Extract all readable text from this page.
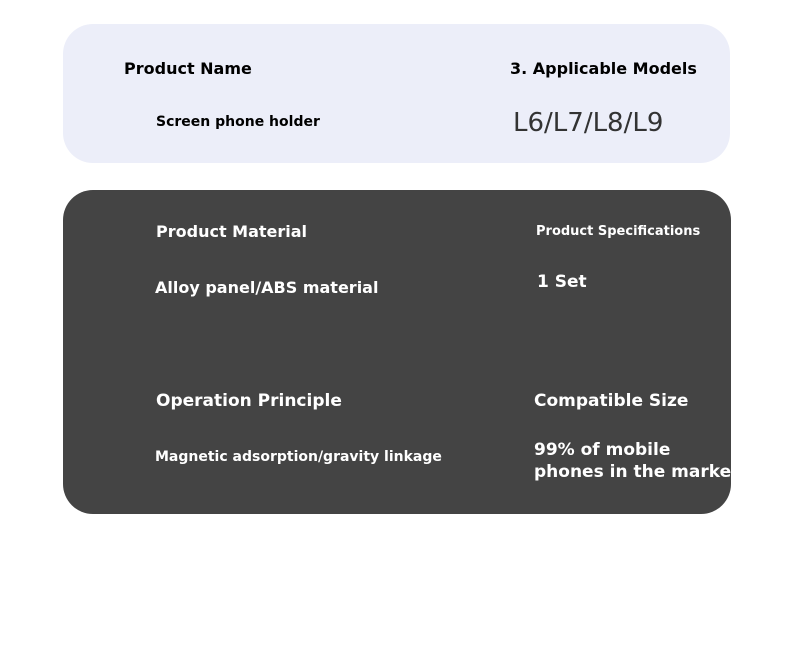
Product Name
Screen phone holder
3. Applicable Models
L6/L7/L8/L9
Product Material
Alloy panel/ABS material
Product Specifications
1 Set
Operation Principle
Magnetic adsorption/gravity linkage
Compatible Size
99% of mobile
phones in the market
